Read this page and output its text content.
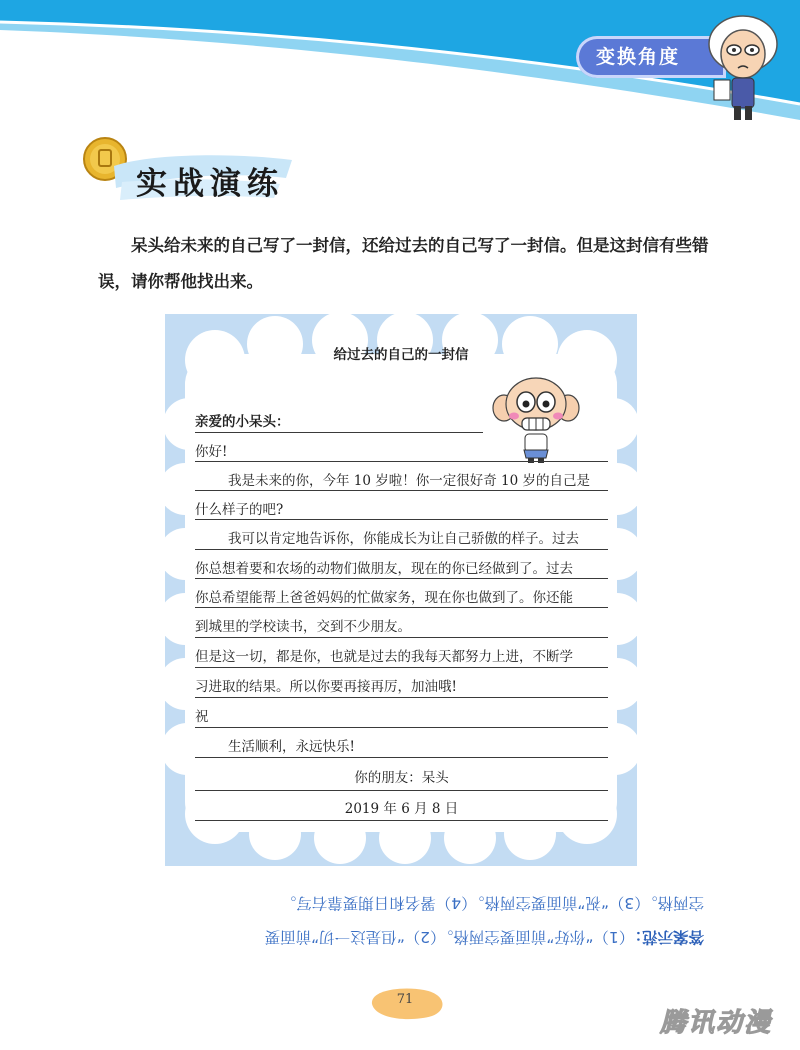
变换角度
实战演练
呆头给未来的自己写了一封信，还给过去的自己写了一封信。但是这封信有些错误，请你帮他找出来。
给过去的自己的一封信
亲爱的小呆头：
你好!
我是未来的你，今年 10 岁啦！你一定很好奇 10 岁的自己是
什么样子的吧?
我可以肯定地告诉你，你能成长为让自己骄傲的样子。过去
你总想着要和农场的动物们做朋友，现在的你已经做到了。过去
你总希望能帮上爸爸妈妈的忙做家务，现在你也做到了。你还能
到城里的学校读书，交到不少朋友。
但是这一切，都是你，也就是过去的我每天都努力上进，不断学
习进取的结果。所以你要再接再厉，加油哦!
祝
生活顺利，永远快乐!
你的朋友：呆头
2019 年 6 月 8 日
答案示范：（1）“你好”前面要空两格。（2）“但是这一切”前面要
空两格。（3）“祝”前面要空两格。（4）署名和日期要靠右写。
71
腾讯动漫
